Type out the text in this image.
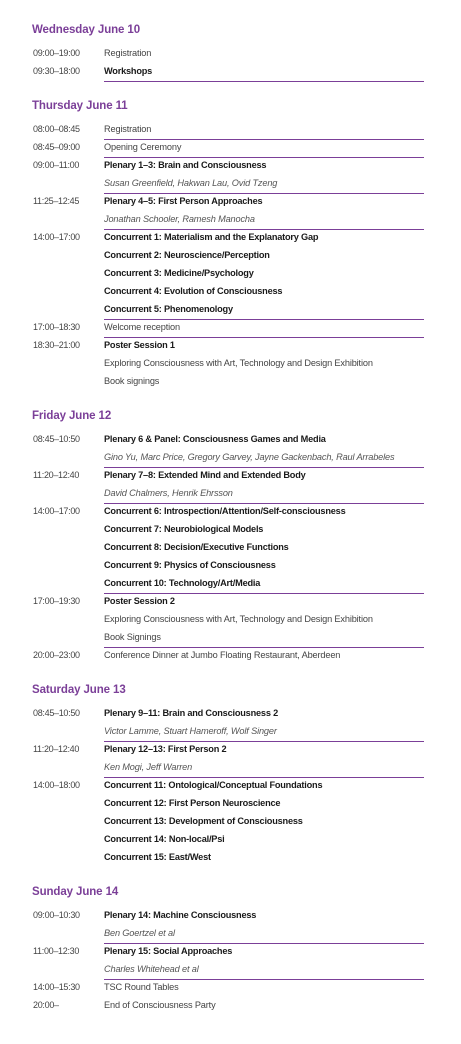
Wednesday June 10
09:00–19:00	Registration
09:30–18:00	Workshops
Thursday June 11
08:00–08:45	Registration
08:45–09:00	Opening Ceremony
09:00–11:00	Plenary 1–3: Brain and Consciousness
Susan Greenfield, Hakwan Lau, Ovid Tzeng
11:25–12:45	Plenary 4–5: First Person Approaches
Jonathan Schooler, Ramesh Manocha
14:00–17:00	Concurrent 1: Materialism and the Explanatory Gap
Concurrent 2: Neuroscience/Perception
Concurrent 3: Medicine/Psychology
Concurrent 4: Evolution of Consciousness
Concurrent 5: Phenomenology
17:00–18:30	Welcome reception
18:30–21:00	Poster Session 1
Exploring Consciousness with Art, Technology and Design Exhibition
Book signings
Friday June 12
08:45–10:50	Plenary 6 & Panel: Consciousness Games and Media
Gino Yu, Marc Price, Gregory Garvey, Jayne Gackenbach, Raul Arrabeles
11:20–12:40	Plenary 7–8: Extended Mind and Extended Body
David Chalmers, Henrik Ehrsson
14:00–17:00	Concurrent 6: Introspection/Attention/Self-consciousness
Concurrent 7: Neurobiological Models
Concurrent 8: Decision/Executive Functions
Concurrent 9: Physics of Consciousness
Concurrent 10: Technology/Art/Media
17:00–19:30	Poster Session 2
Exploring Consciousness with Art, Technology and Design Exhibition
Book Signings
20:00–23:00	Conference Dinner at Jumbo Floating Restaurant, Aberdeen
Saturday June 13
08:45–10:50	Plenary 9–11: Brain and Consciousness 2
Victor Lamme, Stuart Hameroff, Wolf Singer
11:20–12:40	Plenary 12–13: First Person 2
Ken Mogi, Jeff Warren
14:00–18:00	Concurrent 11: Ontological/Conceptual Foundations
Concurrent 12: First Person Neuroscience
Concurrent 13: Development of Consciousness
Concurrent 14: Non-local/Psi
Concurrent 15: East/West
Sunday June 14
09:00–10:30	Plenary 14: Machine Consciousness
Ben Goertzel et al
11:00–12:30	Plenary 15: Social Approaches
Charles Whitehead et al
14:00–15:30	TSC Round Tables
20:00–	End of Consciousness Party
